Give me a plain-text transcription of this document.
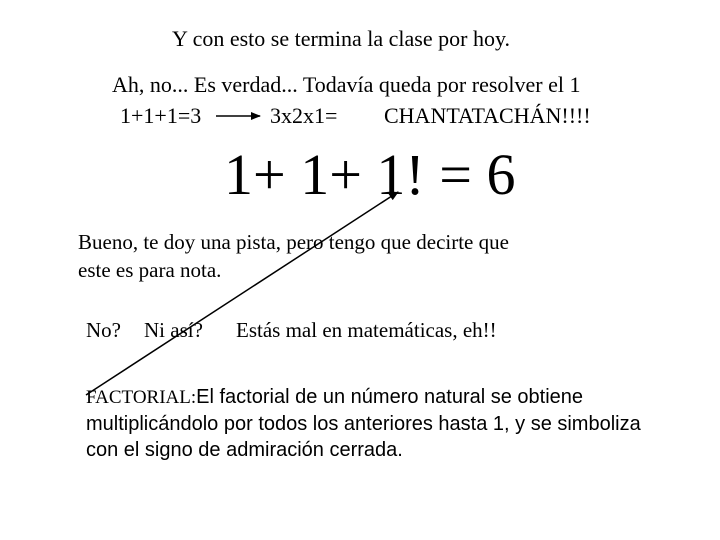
Y con esto se termina la clase por hoy.
Ah, no... Es verdad... Todavía queda por resolver el 1
1+1+1=3	3x2x1= CHANTATACHÁN!!!!
1+ 1+ 1! = 6
Bueno, te doy una pista, pero tengo que decirte que
este es para nota.
No? Ni así? Estás mal en matemáticas, eh!!
FACTORIAL:El factorial de un número natural se obtiene multiplicándolo por todos los anteriores hasta 1, y se simboliza con el signo de admiración cerrada.
